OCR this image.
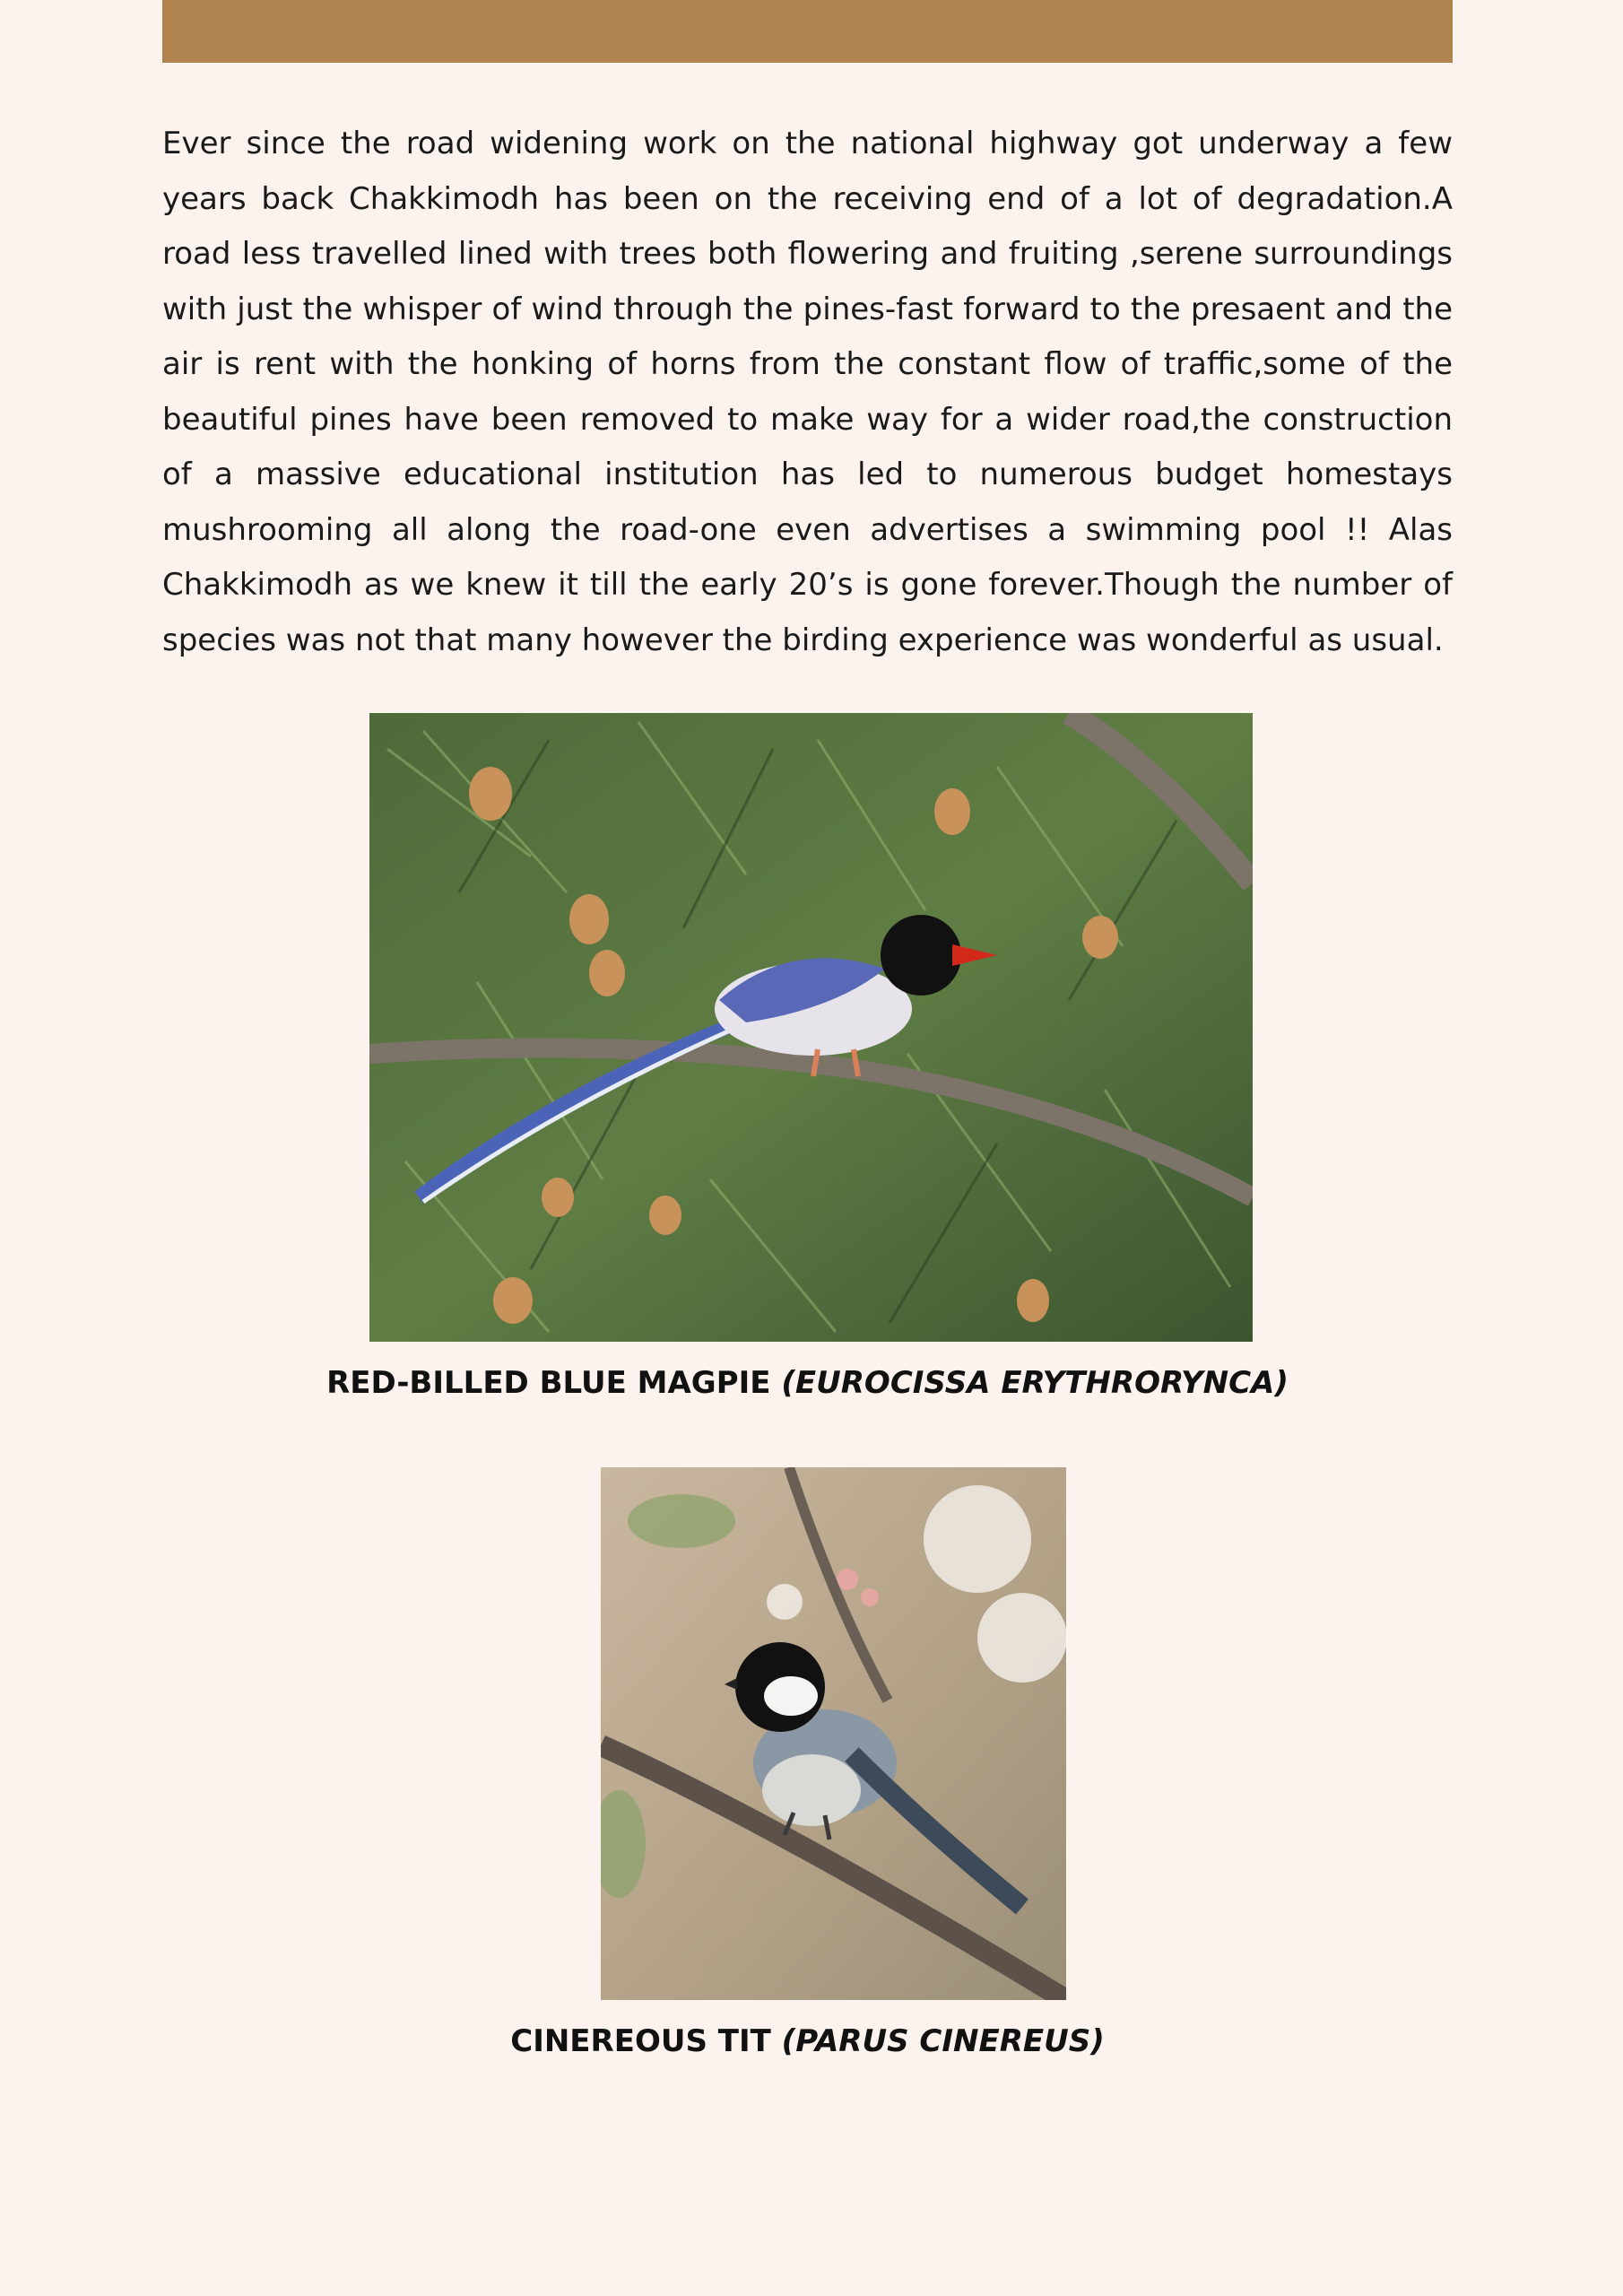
Ever since the road widening work on the national highway got underway a few years back Chakkimodh has been on the receiving end of a lot of degradation.A road less travelled lined with trees both flowering and fruiting ,serene surroundings with just the whisper of wind through the pines-fast forward to the presaent and the air is rent with the honking of horns from the constant flow of traffic,some of the beautiful pines have been removed to make way for a wider road,the construction of a massive educational institution has led to numerous budget homestays mushrooming all along the road-one even advertises a swimming pool !! Alas Chakkimodh as we knew it till the early 20’s is gone forever.Though the number of species was not that many however the birding experience was wonderful as usual.

RED-BILLED BLUE MAGPIE (EUROCISSA ERYTHRORYNCA)

CINEREOUS TIT (PARUS CINEREUS)
